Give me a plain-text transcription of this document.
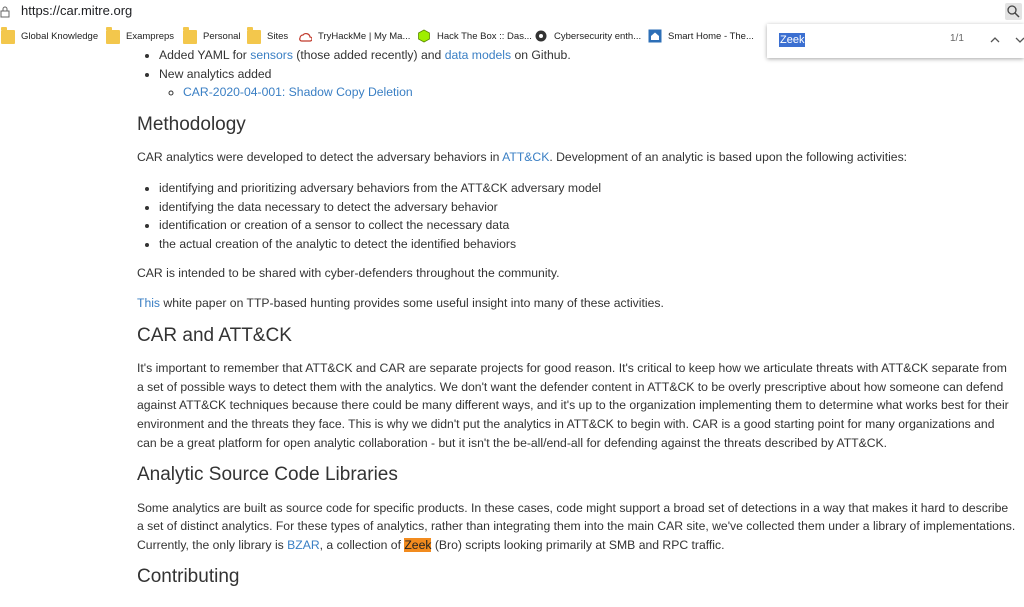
https://car.mitre.org
Global Knowledge	Exampreps	Personal	Sites	TryHackMe | My Ma...	Hack The Box :: Das... Cybersecurity enth...	Smart Home - The... Zeek	1/1
• Added YAML for sensors (those added recently) and data models on Github.
• New analytics added
◦ CAR-2020-04-001: Shadow Copy Deletion
Methodology

CAR analytics were developed to detect the adversary behaviors in ATT&CK. Development of an analytic is based upon the following activities:

• identifying and prioritizing adversary behaviors from the ATT&CK adversary model
• identifying the data necessary to detect the adversary behavior
• identification or creation of a sensor to collect the necessary data
• the actual creation of the analytic to detect the identified behaviors

CAR is intended to be shared with cyber-defenders throughout the community.

This white paper on TTP-based hunting provides some useful insight into many of these activities.

CAR and ATT&CK

It's important to remember that ATT&CK and CAR are separate projects for good reason. It's critical to keep how we articulate threats with ATT&CK separate from a set of possible ways to detect them with the analytics. We don't want the defender content in ATT&CK to be overly prescriptive about how someone can defend against ATT&CK techniques because there could be many different ways, and it's up to the organization implementing them to determine what works best for their environment and the threats they face. This is why we didn't put the analytics in ATT&CK to begin with. CAR is a good starting point for many organizations and can be a great platform for open analytic collaboration - but it isn't the be-all/end-all for defending against the threats described by ATT&CK.

Analytic Source Code Libraries

Some analytics are built as source code for specific products. In these cases, code might support a broad set of detections in a way that makes it hard to describe a set of distinct analytics. For these types of analytics, rather than integrating them into the main CAR site, we've collected them under a library of implementations. Currently, the only library is BZAR, a collection of Zeek (Bro) scripts looking primarily at SMB and RPC traffic.

Contributing
